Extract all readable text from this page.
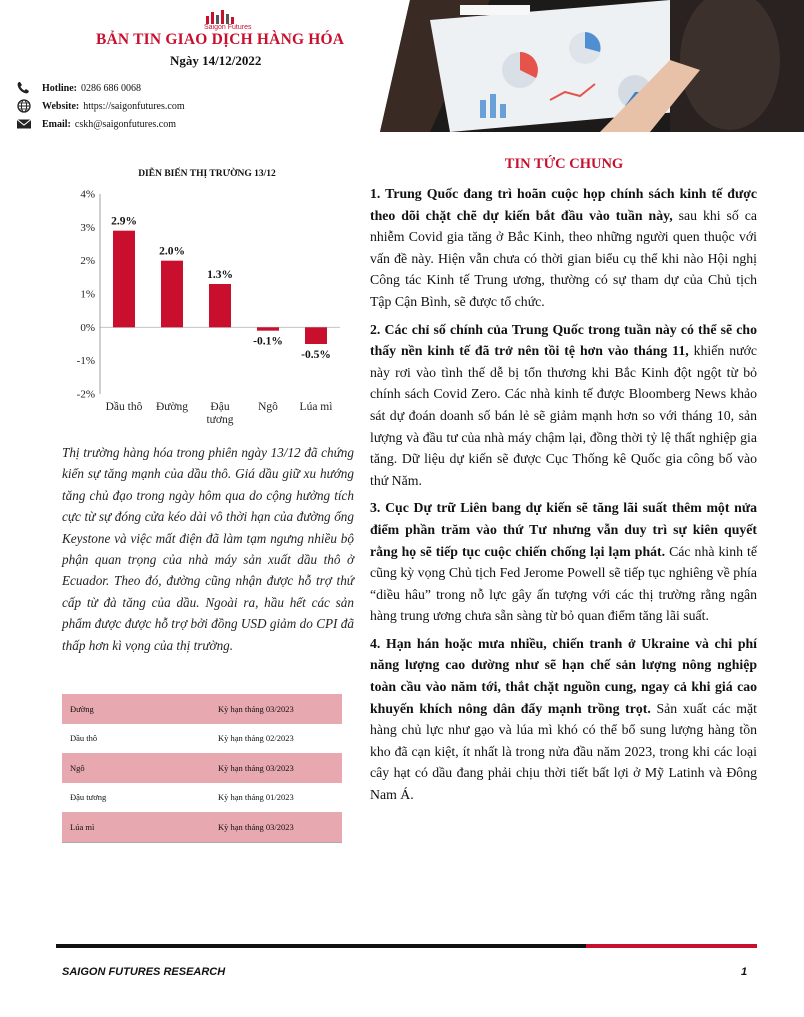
Saigon Futures
BẢN TIN GIAO DỊCH HÀNG HÓA
Ngày 14/12/2022
Hotline: 0286 686 0068
Website: https://saigonfutures.com
Email: cskh@saigonfutures.com
DIỄN BIẾN THỊ TRƯỜNG 13/12
4%
3%
2%
1%
0%
-1%
-2%
2.9%
2.0%
1.3%
-0.1%
-0.5%
Dầu thô Đường	Đậu tương
Ngô Lúa mì

Thị trường hàng hóa trong phiên ngày 13/12 đã chứng kiến sự tăng mạnh của dầu thô. Giá dầu giữ xu hướng tăng chủ đạo trong ngày hôm qua do cộng hưởng tích cực từ sự đóng cửa kéo dài vô thời hạn của đường ống Keystone và việc mất điện đã làm tạm ngưng nhiều bộ phận quan trọng của nhà máy sản xuất dầu thô ở Ecuador. Theo đó, đường cũng nhận được hỗ trợ thứ cấp từ đà tăng của dầu. Ngoài ra, hầu hết các sản phẩm được được hỗ trợ bởi đồng USD giảm do CPI đã thấp hơn kì vọng của thị trường.

Đường	Kỳ hạn tháng 03/2023
Dầu thô	Kỳ hạn tháng 02/2023
Ngô	Kỳ hạn tháng 03/2023
Đậu tương	Kỳ hạn tháng 01/2023
Lúa mì	Kỳ hạn tháng 03/2023
TIN TỨC CHUNG

1. Trung Quốc đang trì hoãn cuộc họp chính sách kinh tế được theo dõi chặt chẽ dự kiến bắt đầu vào tuần này, sau khi số ca nhiễm Covid gia tăng ở Bắc Kinh, theo những người quen thuộc với vấn đề này. Hiện vẫn chưa có thời gian biểu cụ thể khi nào Hội nghị Công tác Kinh tế Trung ương, thường có sự tham dự của Chủ tịch Tập Cận Bình, sẽ được tổ chức.

2. Các chỉ số chính của Trung Quốc trong tuần này có thể sẽ cho thấy nền kinh tế đã trở nên tồi tệ hơn vào tháng 11, khiến nước này rơi vào tình thế dễ bị tổn thương khi Bắc Kinh đột ngột từ bỏ chính sách Covid Zero. Các nhà kinh tế được Bloomberg News khảo sát dự đoán doanh số bán lẻ sẽ giảm mạnh hơn so với tháng 10, sản lượng và đầu tư của nhà máy chậm lại, đồng thời tỷ lệ thất nghiệp gia tăng. Dữ liệu dự kiến sẽ được Cục Thống kê Quốc gia công bố vào thứ Năm.

3. Cục Dự trữ Liên bang dự kiến sẽ tăng lãi suất thêm một nửa điểm phần trăm vào thứ Tư nhưng vẫn duy trì sự kiên quyết rằng họ sẽ tiếp tục cuộc chiến chống lại lạm phát. Các nhà kinh tế cũng kỳ vọng Chủ tịch Fed Jerome Powell sẽ tiếp tục nghiêng về phía “diều hâu” trong nỗ lực gây ấn tượng với các thị trường rằng ngân hàng trung ương chưa sẵn sàng từ bỏ quan điểm tăng lãi suất.

4. Hạn hán hoặc mưa nhiều, chiến tranh ở Ukraine và chi phí năng lượng cao dường như sẽ hạn chế sản lượng nông nghiệp toàn cầu vào năm tới, thắt chặt nguồn cung, ngay cả khi giá cao khuyến khích nông dân đẩy mạnh trồng trọt. Sản xuất các mặt hàng chủ lực như gạo và lúa mì khó có thể bổ sung lượng hàng tồn kho đã cạn kiệt, ít nhất là trong nửa đầu năm 2023, trong khi các loại cây hạt có dầu đang phải chịu thời tiết bất lợi ở Mỹ Latinh và Đông Nam Á.

SAIGON FUTURES RESEARCH	1
